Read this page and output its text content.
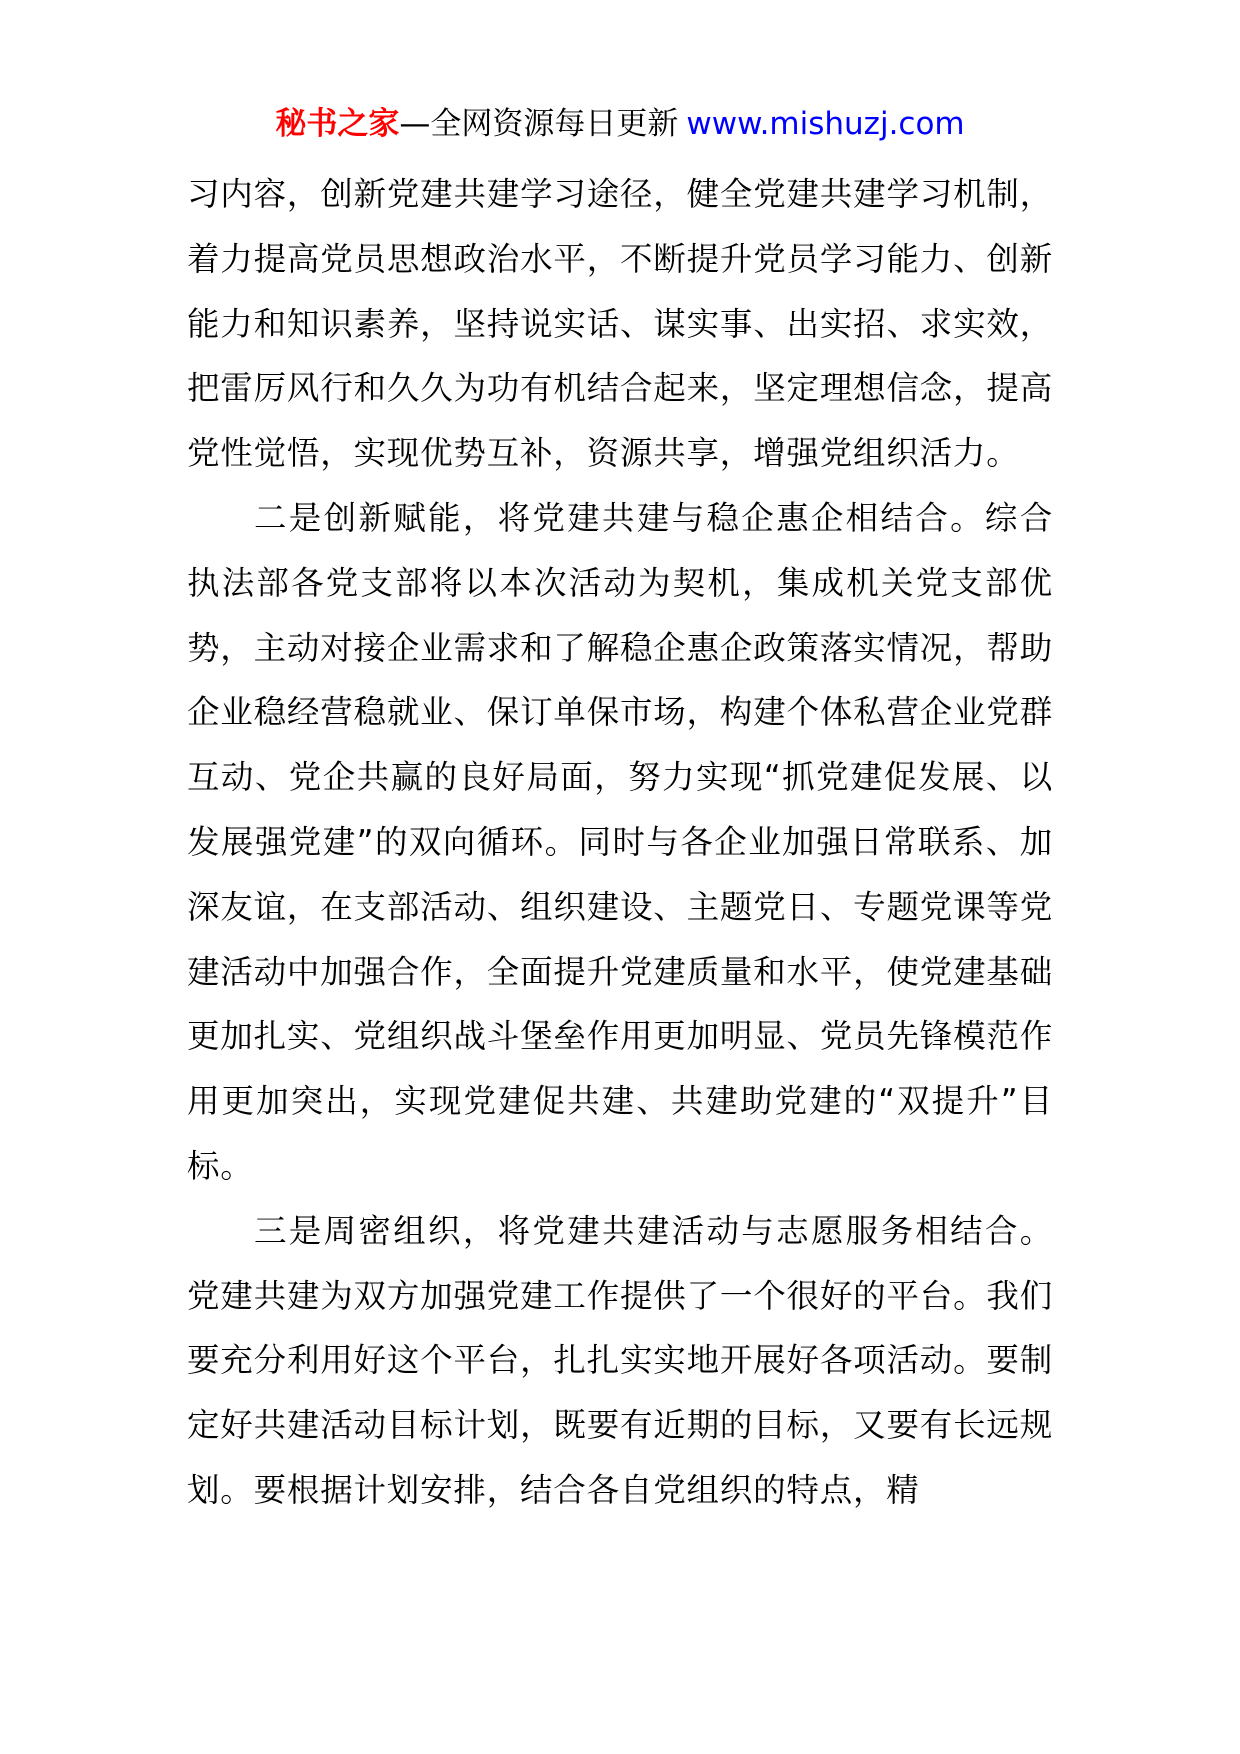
秘书之家—全网资源每日更新 www.mishuzj.com

习内容，创新党建共建学习途径，健全党建共建学习机制，着力提高党员思想政治水平，不断提升党员学习能力、创新能力和知识素养，坚持说实话、谋实事、出实招、求实效，把雷厉风行和久久为功有机结合起来，坚定理想信念，提高党性觉悟，实现优势互补，资源共享，增强党组织活力。

二是创新赋能，将党建共建与稳企惠企相结合。综合执法部各党支部将以本次活动为契机，集成机关党支部优势，主动对接企业需求和了解稳企惠企政策落实情况，帮助企业稳经营稳就业、保订单保市场，构建个体私营企业党群互动、党企共赢的良好局面，努力实现“抓党建促发展、以发展强党建”的双向循环。同时与各企业加强日常联系、加深友谊，在支部活动、组织建设、主题党日、专题党课等党建活动中加强合作，全面提升党建质量和水平，使党建基础更加扎实、党组织战斗堡垒作用更加明显、党员先锋模范作用更加突出，实现党建促共建、共建助党建的“双提升”目标。

三是周密组织，将党建共建活动与志愿服务相结合。党建共建为双方加强党建工作提供了一个很好的平台。我们要充分利用好这个平台，扎扎实实地开展好各项活动。要制定好共建活动目标计划，既要有近期的目标，又要有长远规划。要根据计划安排，结合各自党组织的特点，精
